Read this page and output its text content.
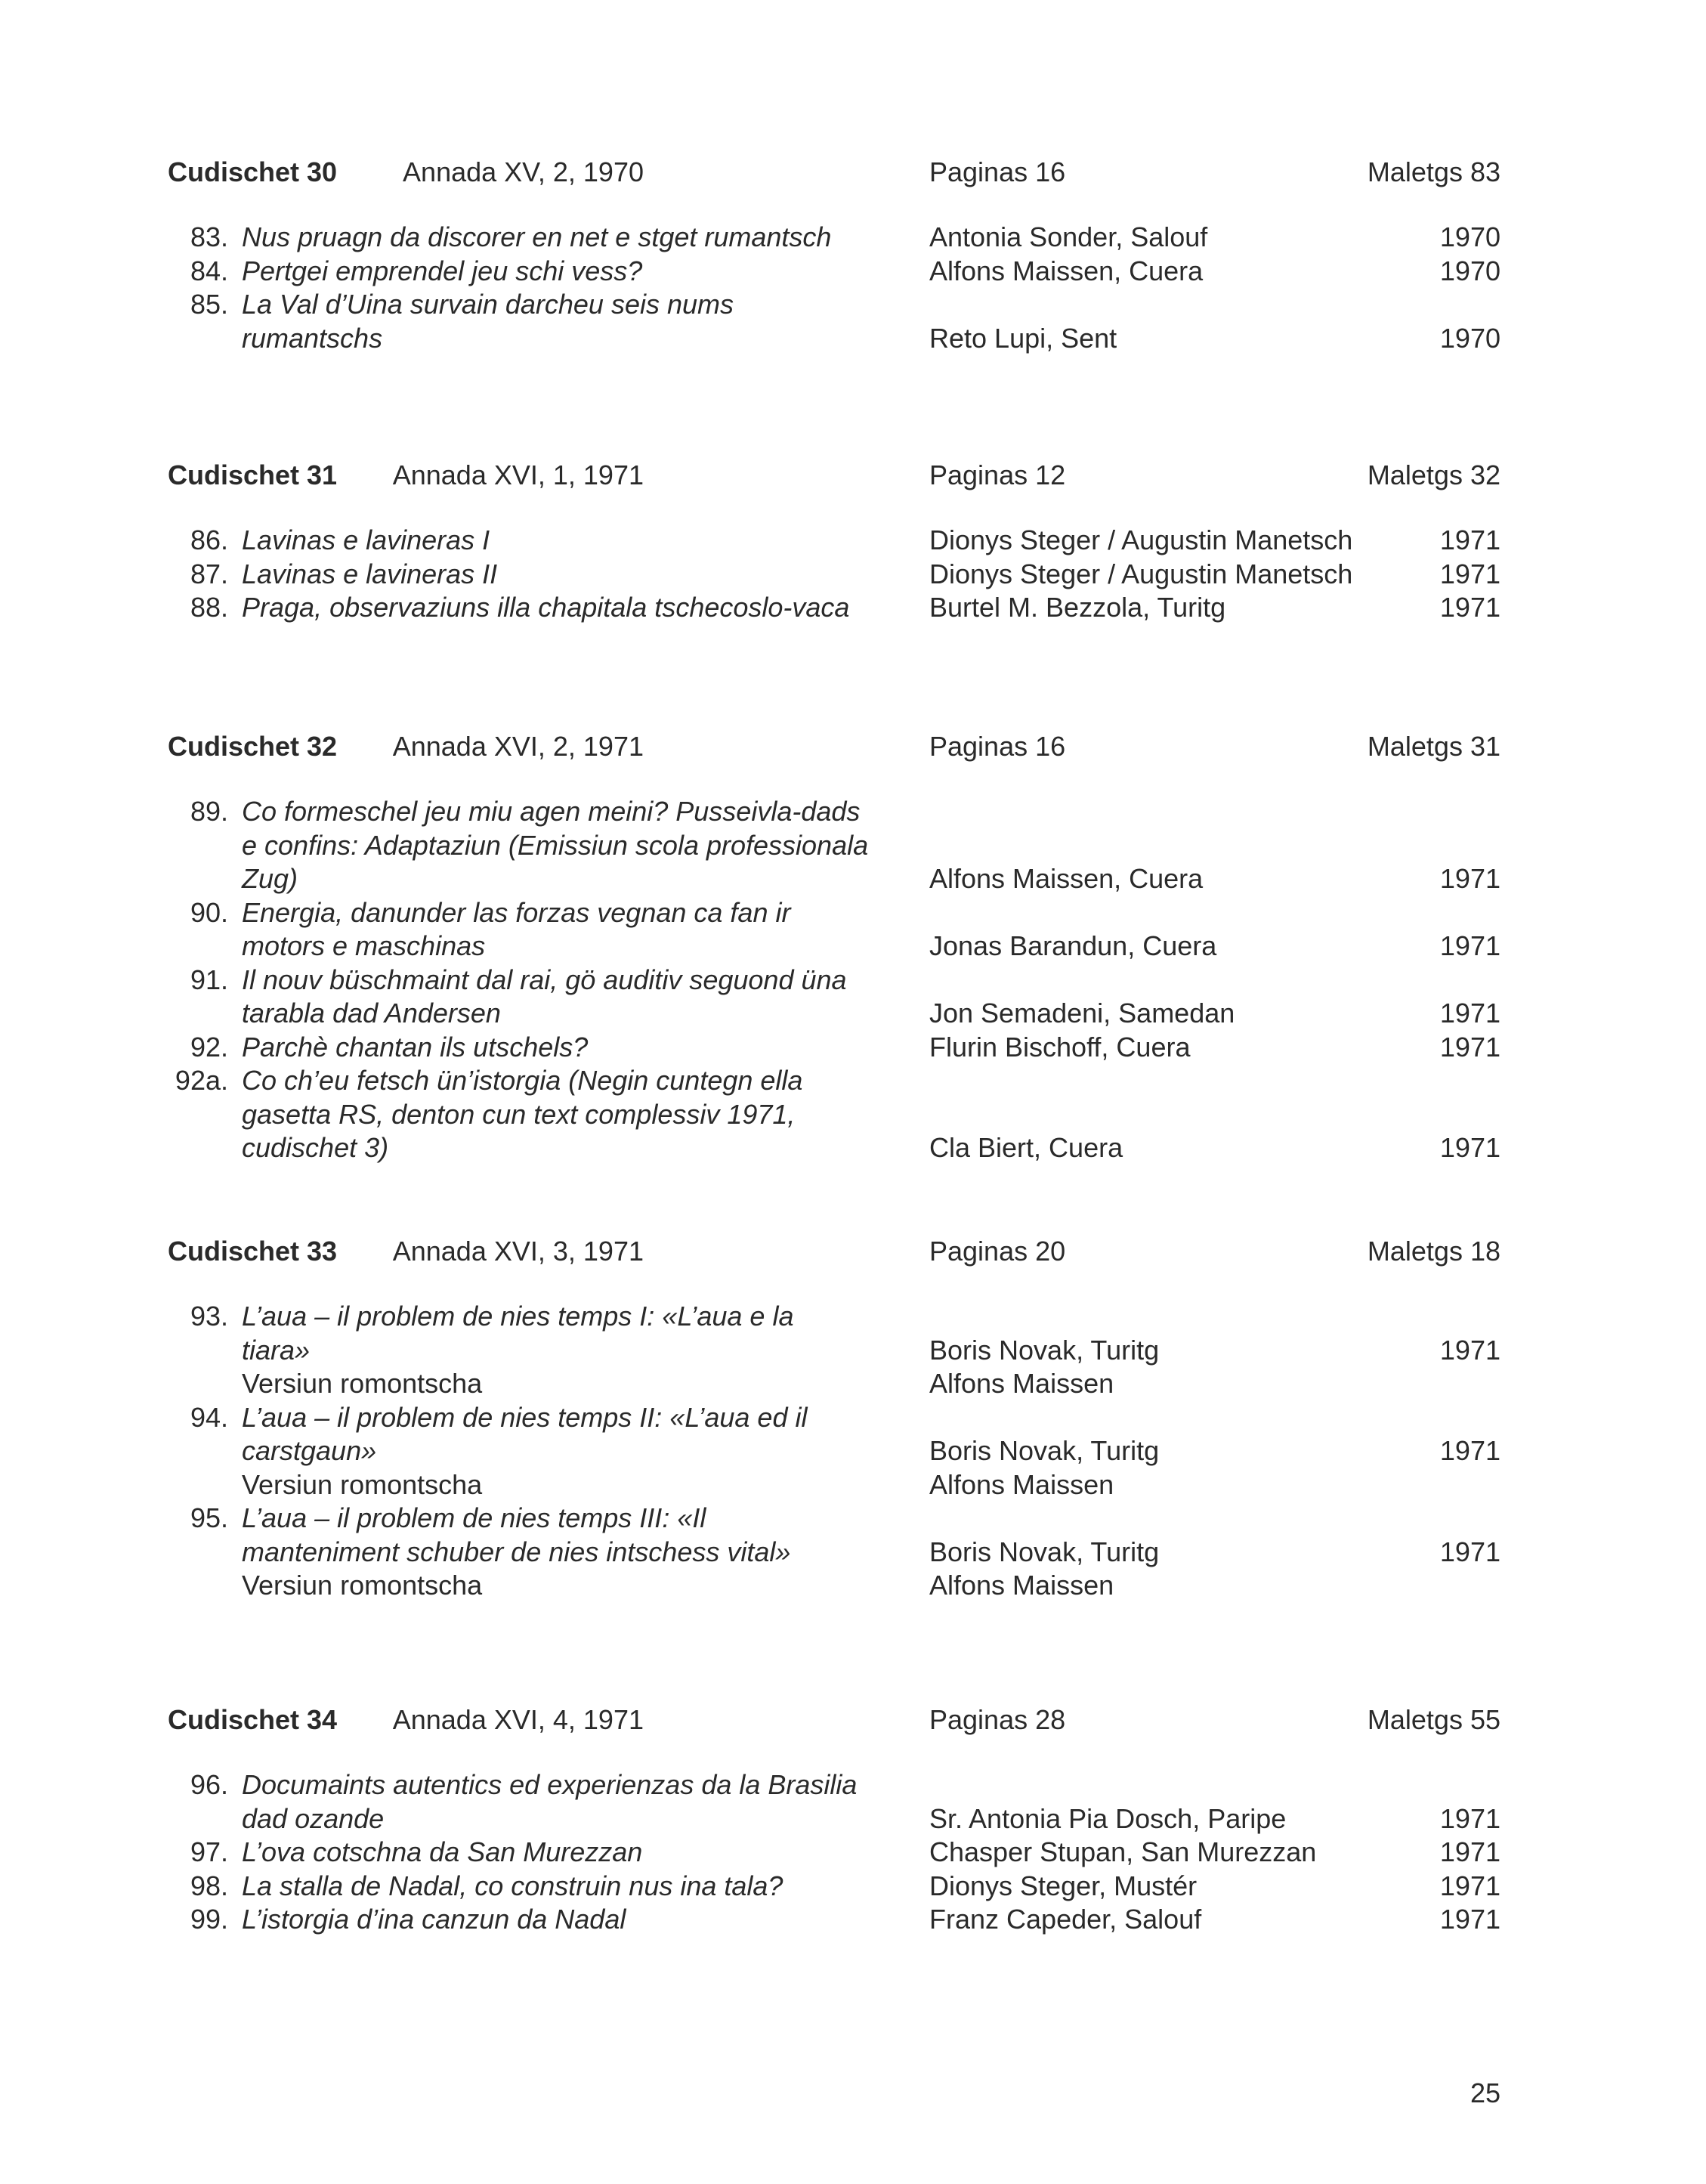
Cudischet 30 Annada XV, 2, 1970	Paginas 16	Maletgs 83
83. Nus pruagn da discorer en net e stget rumantsch	Antonia Sonder, Salouf	1970
84. Pertgei emprendel jeu schi vess?	Alfons Maissen, Cuera	1970
85. La Val d’Uina survain darcheu seis nums rumantschs	Reto Lupi, Sent	1970
Cudischet 31 Annada XVI, 1, 1971	Paginas 12	Maletgs 32
86. Lavinas e lavineras I	Dionys Steger / Augustin Manetsch	1971
87. Lavinas e lavineras II	Dionys Steger / Augustin Manetsch	1971
88. Praga, observaziuns illa chapitala tschecoslo-vaca	Burtel M. Bezzola, Turitg	1971
Cudischet 32 Annada XVI, 2, 1971	Paginas 16	Maletgs 31
89. Co formeschel jeu miu agen meini? Pusseivla-dads e confins: Adaptaziun (Emissiun scola professionala Zug)	Alfons Maissen, Cuera	1971
90. Energia, danunder las forzas vegnan ca fan ir motors e maschinas	Jonas Barandun, Cuera	1971
91. Il nouv büschmaint dal rai, gö auditiv seguond üna tarabla dad Andersen	Jon Semadeni, Samedan	1971
92. Parchè chantan ils utschels?	Flurin Bischoff, Cuera	1971
92a. Co ch’eu fetsch ün’istorgia (Negin cuntegn ella gasetta RS, denton cun text complessiv 1971, cudischet 3)	Cla Biert, Cuera	1971
Cudischet 33 Annada XVI, 3, 1971	Paginas 20	Maletgs 18
93. L’aua – il problem de nies temps I: «L’aua e la tiara»	Boris Novak, Turitg	1971
Versiun romontscha	Alfons Maissen
94. L’aua – il problem de nies temps II: «L’aua ed il carstgaun»	Boris Novak, Turitg	1971
Versiun romontscha	Alfons Maissen
95. L’aua – il problem de nies temps III: «Il manteniment schuber de nies intschess vital»	Boris Novak, Turitg	1971
Versiun romontscha	Alfons Maissen
Cudischet 34 Annada XVI, 4, 1971	Paginas 28	Maletgs 55
96. Documaints autentics ed experienzas da la Brasilia dad ozande	Sr. Antonia Pia Dosch, Paripe	1971
97. L’ova cotschna da San Murezzan	Chasper Stupan, San Murezzan	1971
98. La stalla de Nadal, co construin nus ina tala?	Dionys Steger, Mustér	1971
99. L’istorgia d’ina canzun da Nadal	Franz Capeder, Salouf	1971
25
